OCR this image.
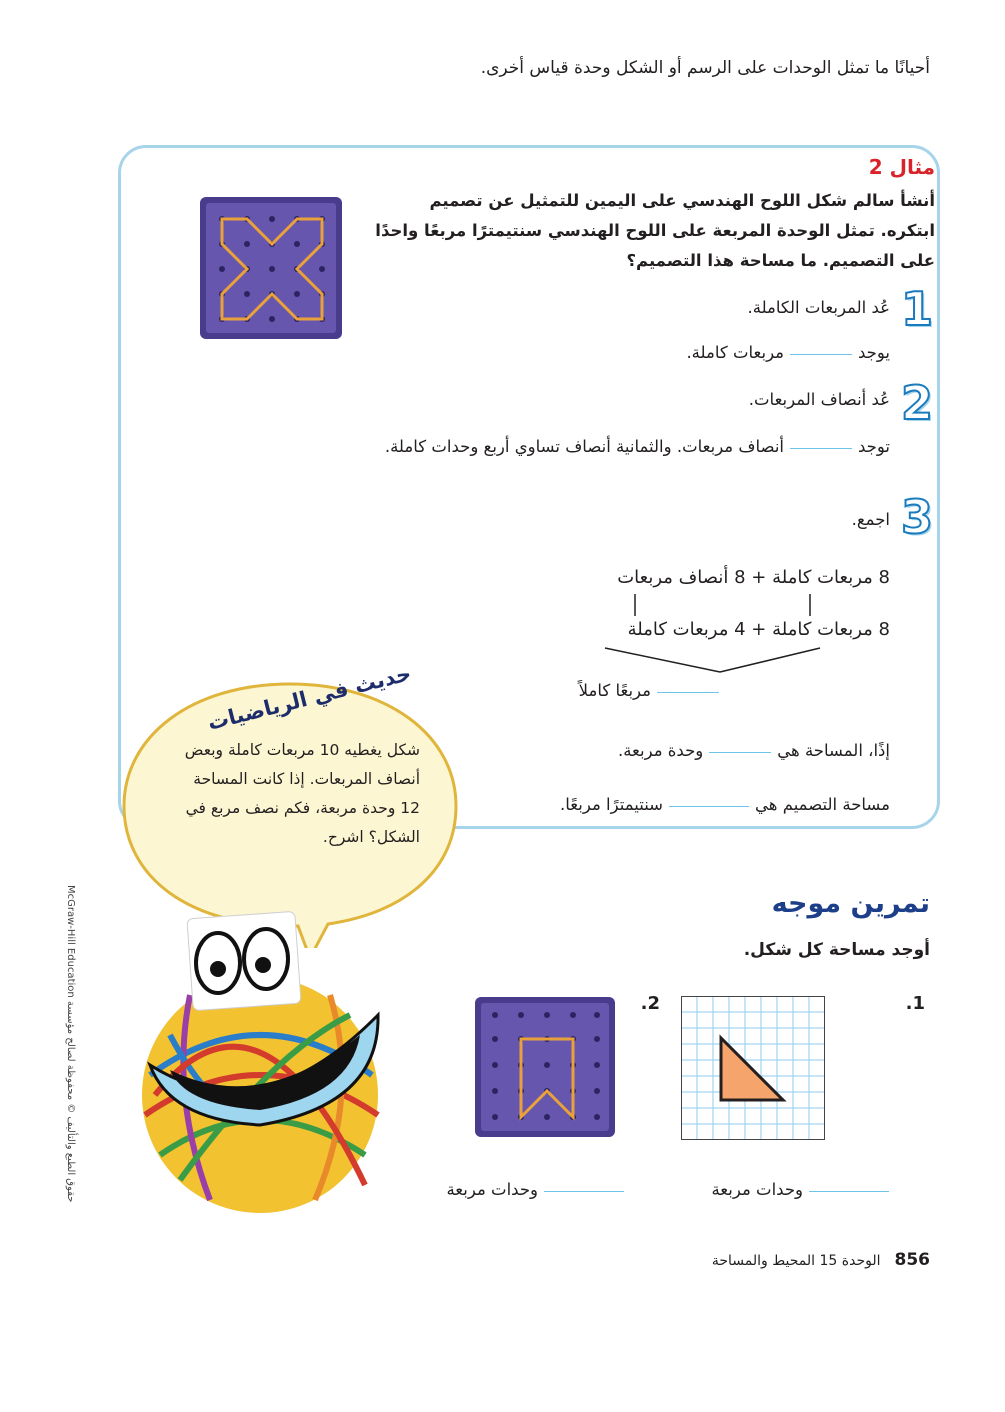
أحيانًا ما تمثل الوحدات على الرسم أو الشكل وحدة قياس أخرى.
مثال 2
أنشأ سالم شكل اللوح الهندسي على اليمين للتمثيل عن تصميم ابتكره. تمثل الوحدة المربعة على اللوح الهندسي سنتيمترًا مربعًا واحدًا على التصميم. ما مساحة هذا التصميم؟
1
عُد المربعات الكاملة.
يوجدمربعات كاملة.
2
عُد أنصاف المربعات.
توجدأنصاف مربعات. والثمانية أنصاف تساوي أربع وحدات كاملة.
3
اجمع.
8 مربعات كاملة + 8 أنصاف مربعات
8 مربعات كاملة + 4 مربعات كاملة
مربعًا كاملاً
إذًا، المساحة هيوحدة مربعة.
مساحة التصميم هيسنتيمترًا مربعًا.
حديث في الرياضيات
شكل يغطيه 10 مربعات كاملة وبعض أنصاف المربعات. إذا كانت المساحة 12 وحدة مربعة، فكم نصف مربع في الشكل؟ اشرح.
McGraw-Hill Education حقوق الطبع والتأليف © محفوظة لصالح مؤسسة
تمرين موجه
أوجد مساحة كل شكل.
1.
2.
وحدات مربعة
وحدات مربعة
856الوحدة 15 المحيط والمساحة
